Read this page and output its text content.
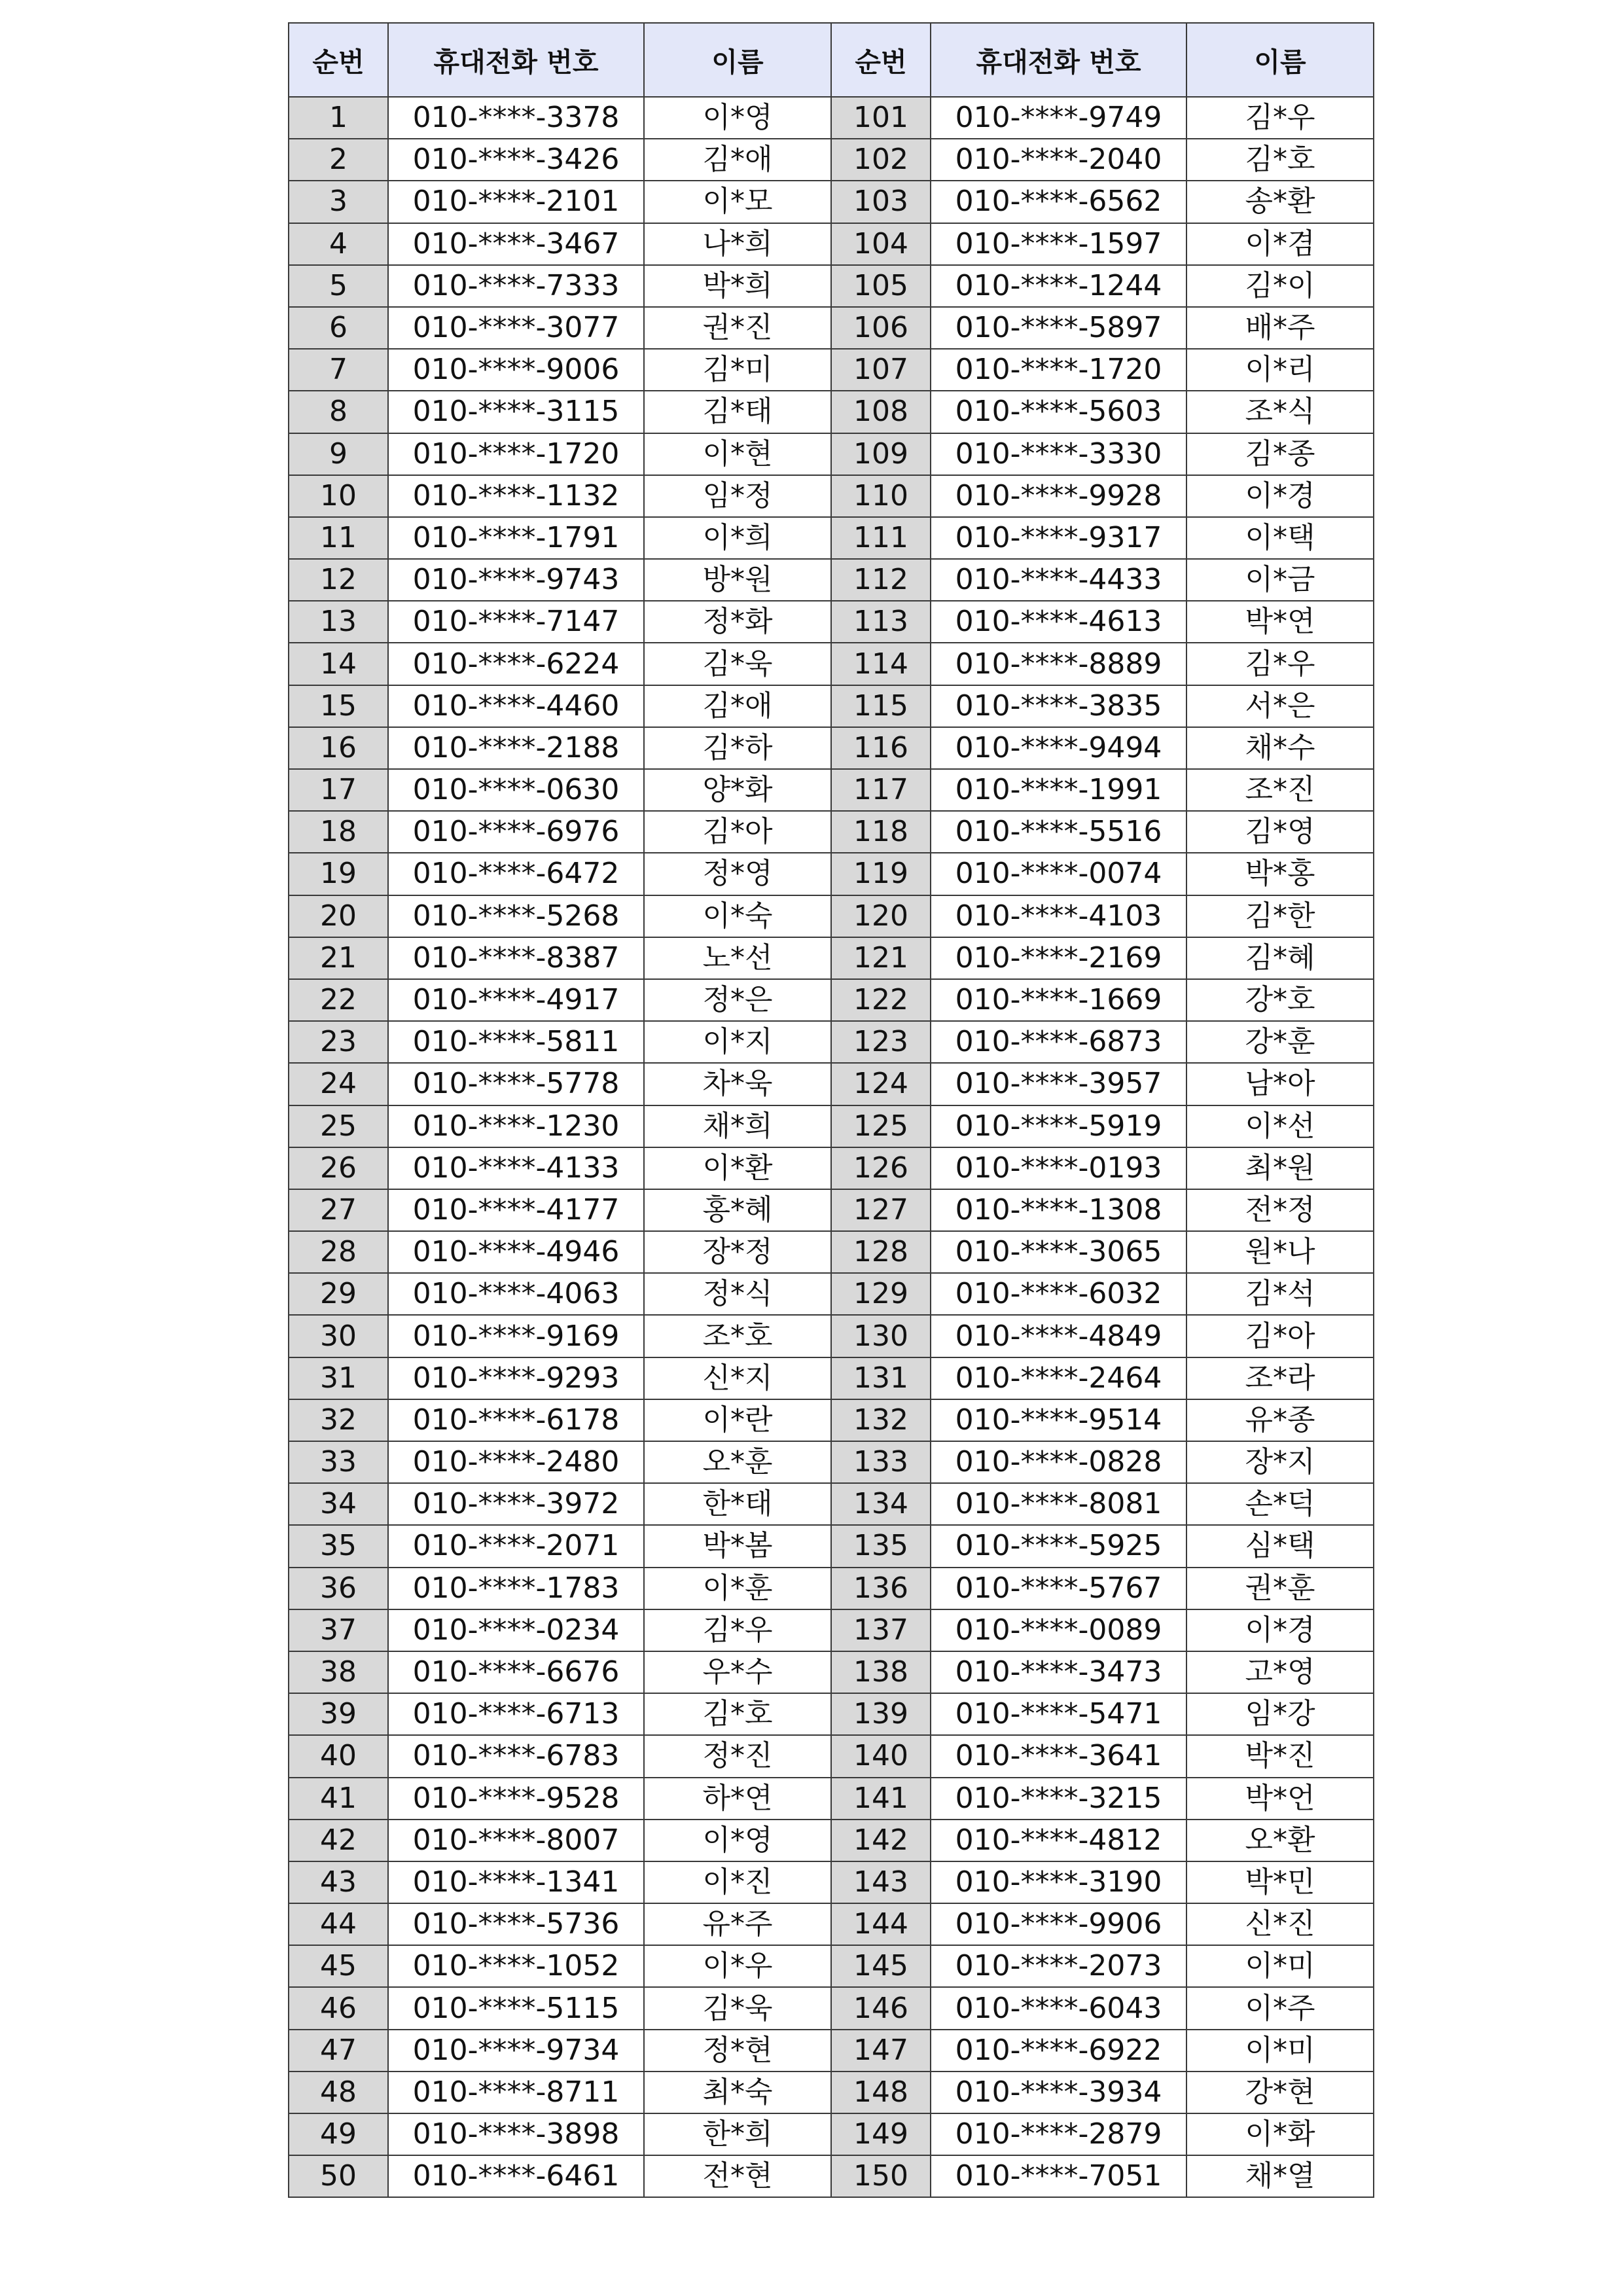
순번	휴대전화 번호	이름	순번	휴대전화 번호	이름
1	010-****-3378	이*영	101	010-****-9749	김*우
2	010-****-3426	김*애	102	010-****-2040	김*호
3	010-****-2101	이*모	103	010-****-6562	송*환
4	010-****-3467	나*희	104	010-****-1597	이*겸
5	010-****-7333	박*희	105	010-****-1244	김*이
6	010-****-3077	권*진	106	010-****-5897	배*주
7	010-****-9006	김*미	107	010-****-1720	이*리
8	010-****-3115	김*태	108	010-****-5603	조*식
9	010-****-1720	이*현	109	010-****-3330	김*종
10	010-****-1132	임*정	110	010-****-9928	이*경
11	010-****-1791	이*희	111	010-****-9317	이*택
12	010-****-9743	방*원	112	010-****-4433	이*금
13	010-****-7147	정*화	113	010-****-4613	박*연
14	010-****-6224	김*욱	114	010-****-8889	김*우
15	010-****-4460	김*애	115	010-****-3835	서*은
16	010-****-2188	김*하	116	010-****-9494	채*수
17	010-****-0630	양*화	117	010-****-1991	조*진
18	010-****-6976	김*아	118	010-****-5516	김*영
19	010-****-6472	정*영	119	010-****-0074	박*홍
20	010-****-5268	이*숙	120	010-****-4103	김*한
21	010-****-8387	노*선	121	010-****-2169	김*혜
22	010-****-4917	정*은	122	010-****-1669	강*호
23	010-****-5811	이*지	123	010-****-6873	강*훈
24	010-****-5778	차*욱	124	010-****-3957	남*아
25	010-****-1230	채*희	125	010-****-5919	이*선
26	010-****-4133	이*환	126	010-****-0193	최*원
27	010-****-4177	홍*혜	127	010-****-1308	전*정
28	010-****-4946	장*정	128	010-****-3065	원*나
29	010-****-4063	정*식	129	010-****-6032	김*석
30	010-****-9169	조*호	130	010-****-4849	김*아
31	010-****-9293	신*지	131	010-****-2464	조*라
32	010-****-6178	이*란	132	010-****-9514	유*종
33	010-****-2480	오*훈	133	010-****-0828	장*지
34	010-****-3972	한*태	134	010-****-8081	손*덕
35	010-****-2071	박*봄	135	010-****-5925	심*택
36	010-****-1783	이*훈	136	010-****-5767	권*훈
37	010-****-0234	김*우	137	010-****-0089	이*경
38	010-****-6676	우*수	138	010-****-3473	고*영
39	010-****-6713	김*호	139	010-****-5471	임*강
40	010-****-6783	정*진	140	010-****-3641	박*진
41	010-****-9528	하*연	141	010-****-3215	박*언
42	010-****-8007	이*영	142	010-****-4812	오*환
43	010-****-1341	이*진	143	010-****-3190	박*민
44	010-****-5736	유*주	144	010-****-9906	신*진
45	010-****-1052	이*우	145	010-****-2073	이*미
46	010-****-5115	김*욱	146	010-****-6043	이*주
47	010-****-9734	정*현	147	010-****-6922	이*미
48	010-****-8711	최*숙	148	010-****-3934	강*현
49	010-****-3898	한*희	149	010-****-2879	이*화
50	010-****-6461	전*현	150	010-****-7051	채*열
